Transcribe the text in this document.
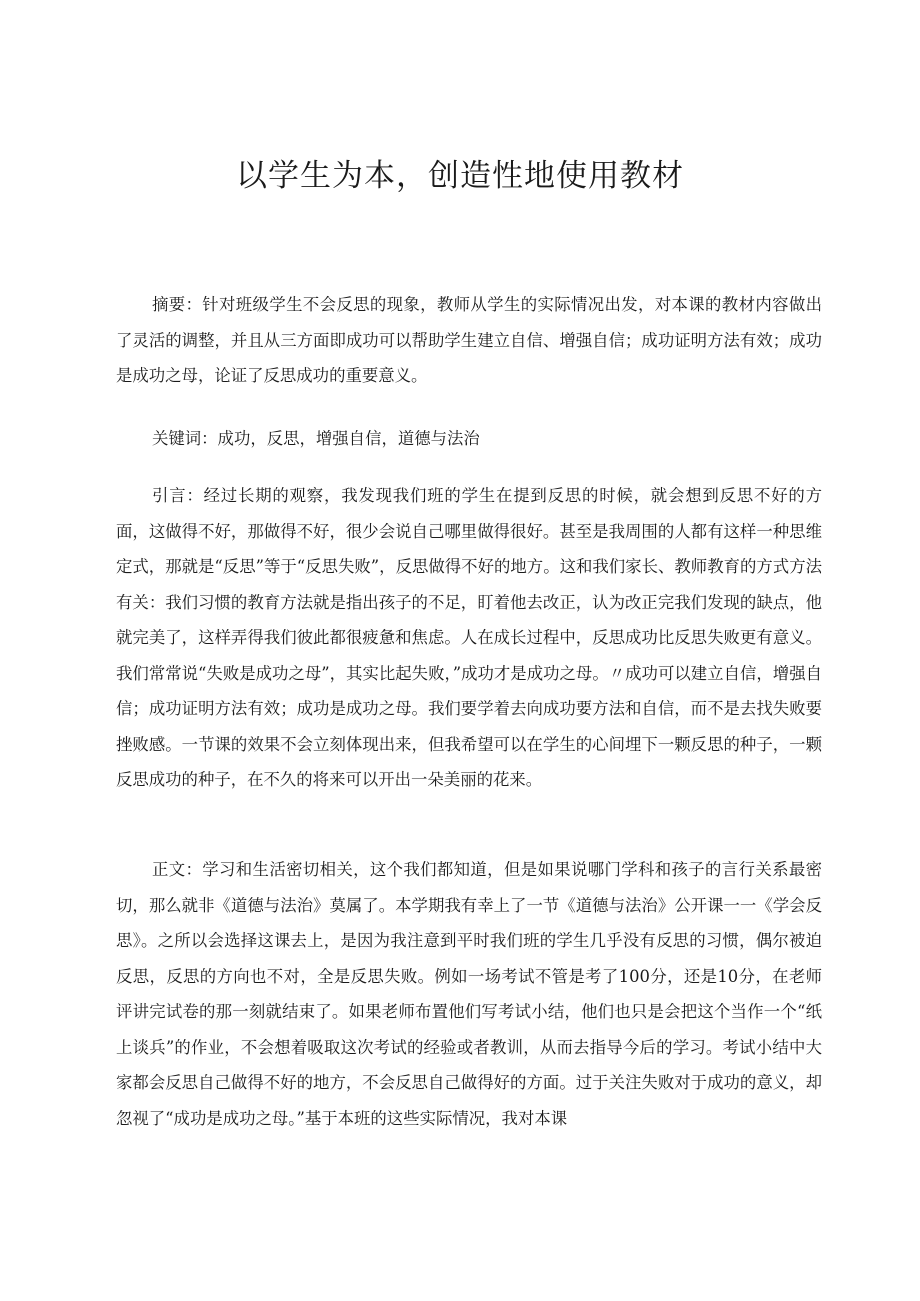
以学生为本，创造性地使用教材

摘要：针对班级学生不会反思的现象，教师从学生的实际情况出发，对本课的教材内容做出了灵活的调整，并且从三方面即成功可以帮助学生建立自信、增强自信；成功证明方法有效；成功是成功之母，论证了反思成功的重要意义。

关键词：成功，反思，增强自信，道德与法治

引言：经过长期的观察，我发现我们班的学生在提到反思的时候，就会想到反思不好的方面，这做得不好，那做得不好，很少会说自己哪里做得很好。甚至是我周围的人都有这样一种思维定式，那就是“反思”等于“反思失败”，反思做得不好的地方。这和我们家长、教师教育的方式方法有关：我们习惯的教育方法就是指出孩子的不足，盯着他去改正，认为改正完我们发现的缺点，他就完美了，这样弄得我们彼此都很疲惫和焦虑。人在成长过程中，反思成功比反思失败更有意义。我们常常说“失败是成功之母”，其实比起失败，”成功才是成功之母。〃成功可以建立自信，增强自信；成功证明方法有效；成功是成功之母。我们要学着去向成功要方法和自信，而不是去找失败要挫败感。一节课的效果不会立刻体现出来，但我希望可以在学生的心间埋下一颗反思的种子，一颗反思成功的种子，在不久的将来可以开出一朵美丽的花来。

正文：学习和生活密切相关，这个我们都知道，但是如果说哪门学科和孩子的言行关系最密切，那么就非《道德与法治》莫属了。本学期我有幸上了一节《道德与法治》公开课一一《学会反思》。之所以会选择这课去上，是因为我注意到平时我们班的学生几乎没有反思的习惯，偶尔被迫反思，反思的方向也不对，全是反思失败。例如一场考试不管是考了100分，还是10分，在老师评讲完试卷的那一刻就结束了。如果老师布置他们写考试小结，他们也只是会把这个当作一个“纸上谈兵”的作业，不会想着吸取这次考试的经验或者教训，从而去指导今后的学习。考试小结中大家都会反思自己做得不好的地方，不会反思自己做得好的方面。过于关注失败对于成功的意义，却忽视了“成功是成功之母。”基于本班的这些实际情况，我对本课
